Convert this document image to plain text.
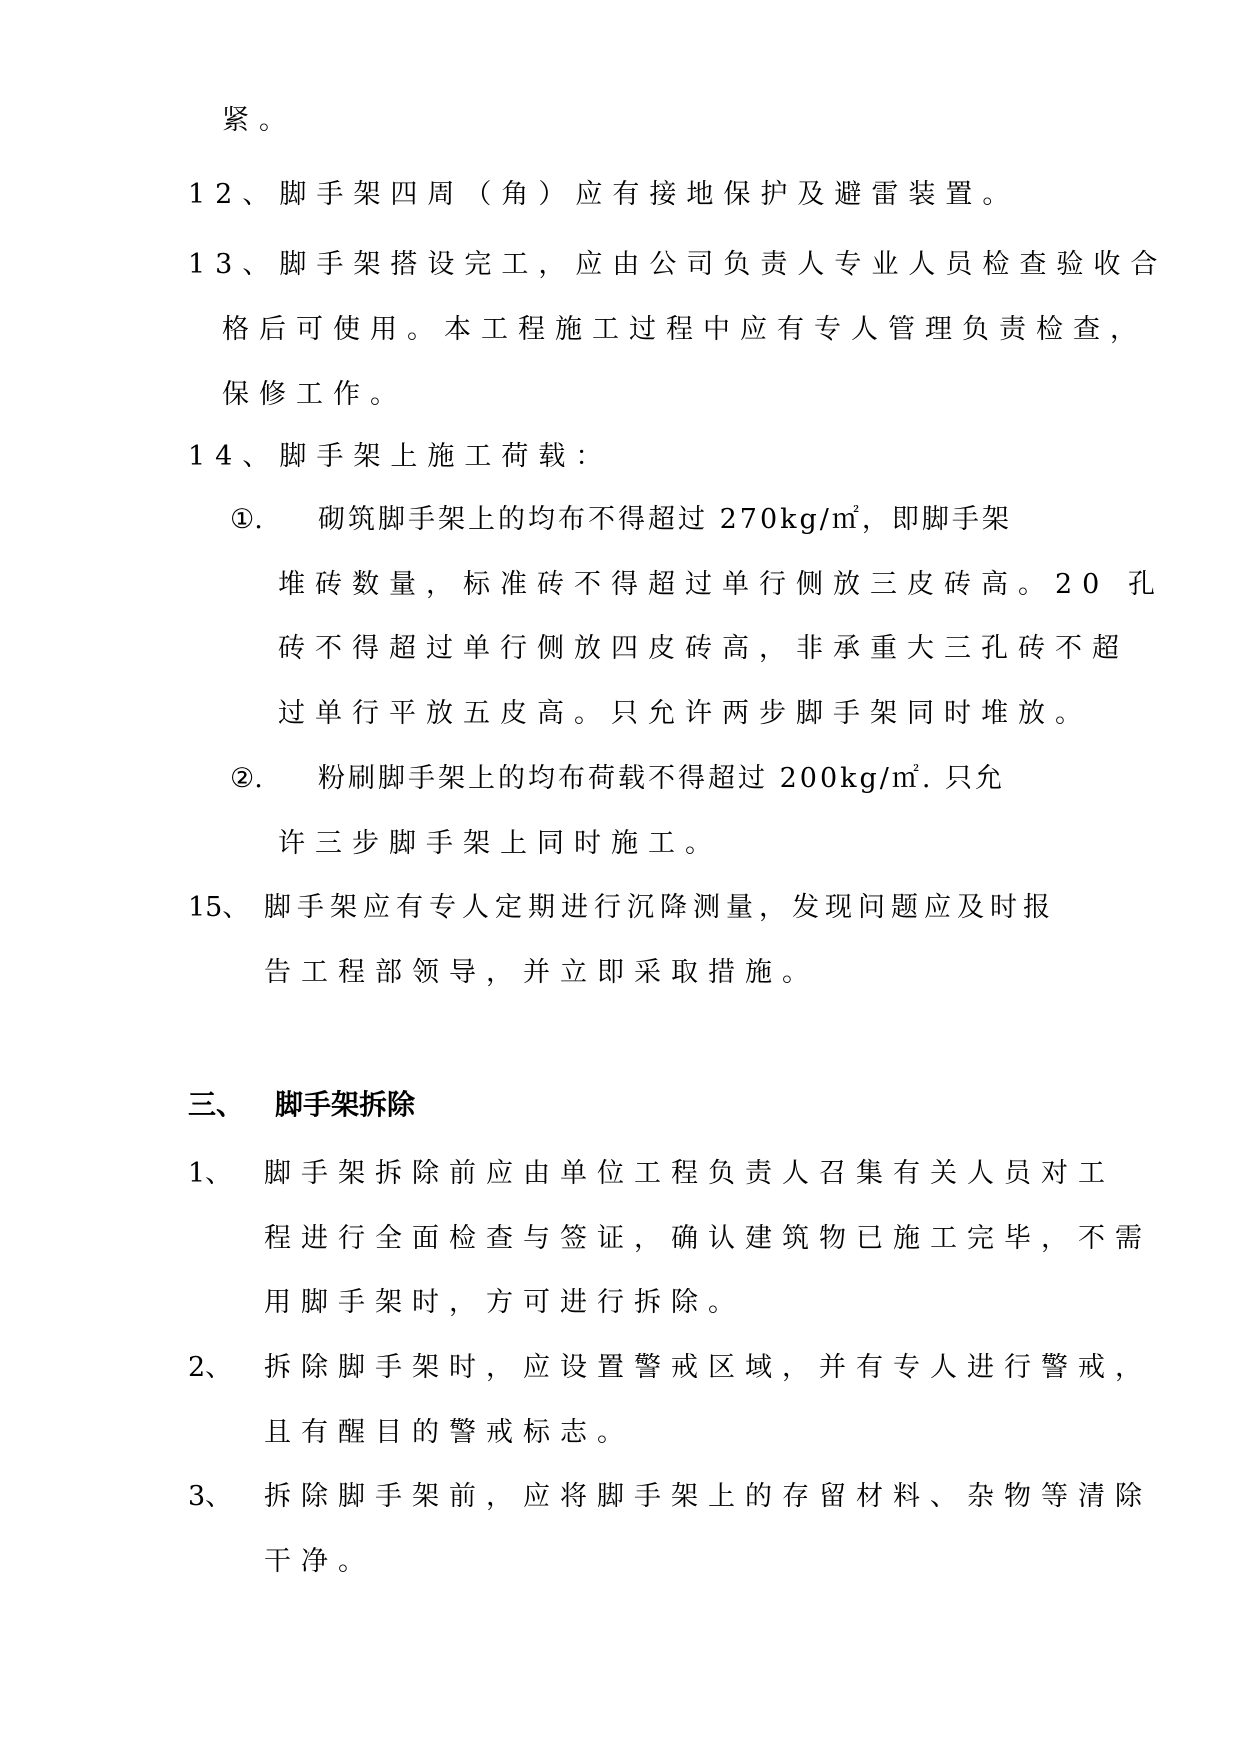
紧。
12、脚手架四周（角）应有接地保护及避雷装置。
13、脚手架搭设完工，应由公司负责人专业人员检查验收合
格后可使用。本工程施工过程中应有专人管理负责检查，
保修工作。
14、脚手架上施工荷载：
①. 砌筑脚手架上的均布不得超过 270kg/㎡，即脚手架
堆砖数量，标准砖不得超过单行侧放三皮砖高。20 孔
砖不得超过单行侧放四皮砖高，非承重大三孔砖不超
过单行平放五皮高。只允许两步脚手架同时堆放。
②. 粉刷脚手架上的均布荷载不得超过 200kg/㎡. 只允
许三步脚手架上同时施工。
15、 脚手架应有专人定期进行沉降测量，发现问题应及时报
告工程部领导，并立即采取措施。
三、 脚手架拆除
1、 脚手架拆除前应由单位工程负责人召集有关人员对工
程进行全面检查与签证，确认建筑物已施工完毕，不需
用脚手架时，方可进行拆除。
2、 拆除脚手架时，应设置警戒区域，并有专人进行警戒，
且有醒目的警戒标志。
3、 拆除脚手架前，应将脚手架上的存留材料、杂物等清除
干净。
